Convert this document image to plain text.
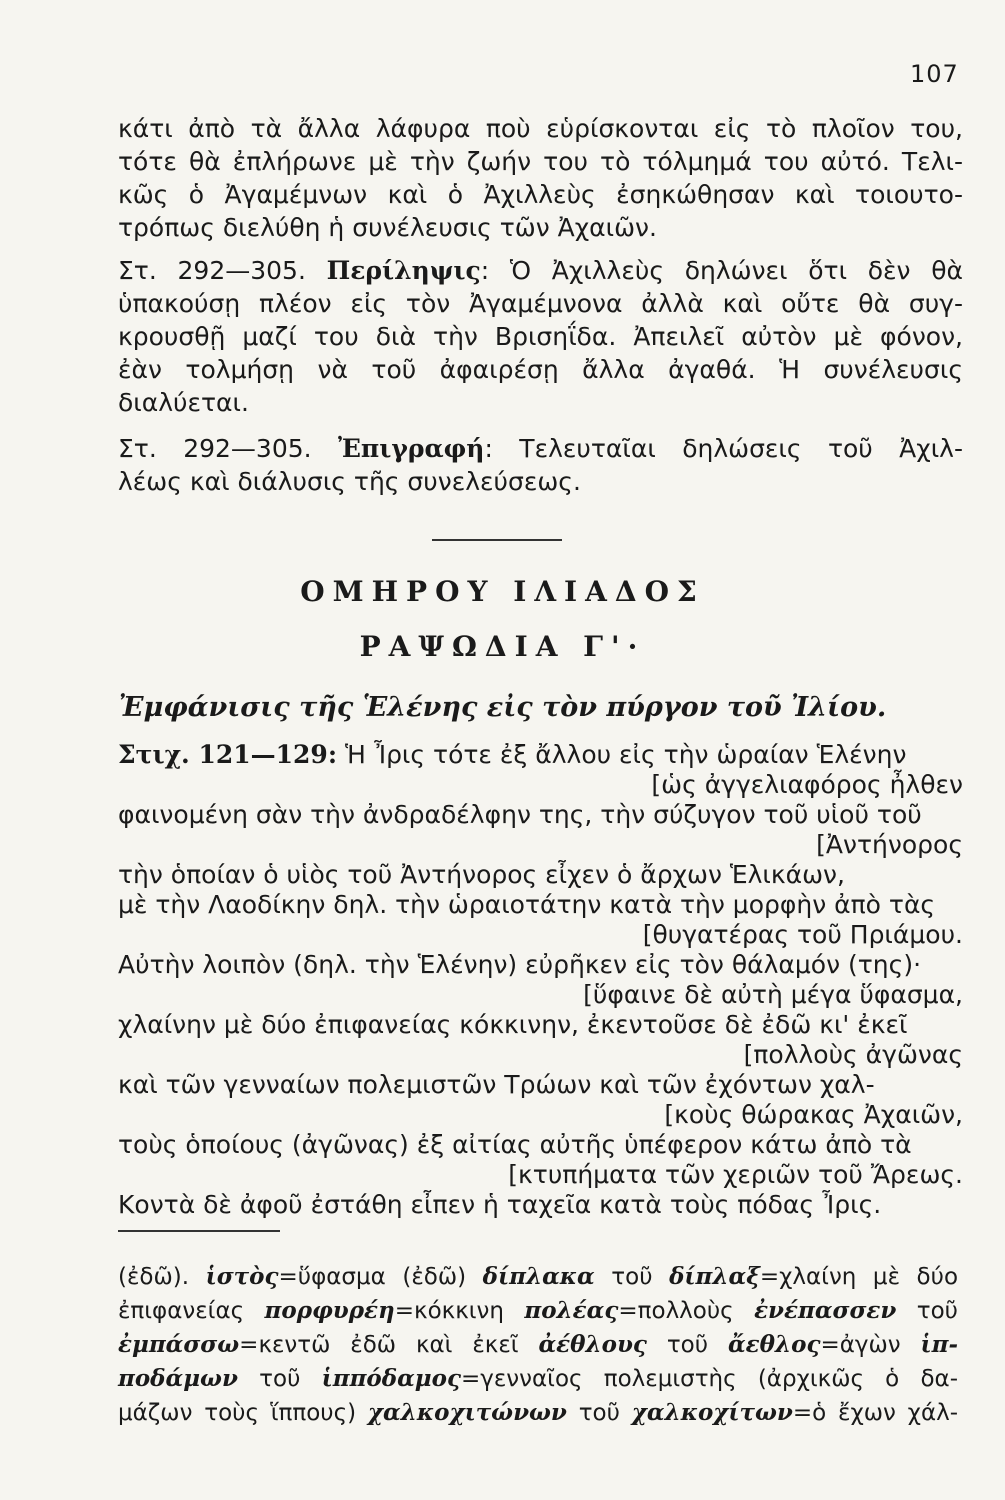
107
κάτι ἀπὸ τὰ ἄλλα λάφυρα ποὺ εὑρίσκονται εἰς τὸ πλοῖον του,
τότε θὰ ἐπλήρωνε μὲ τὴν ζωήν του τὸ τόλμημά του αὐτό. Τελι-
κῶς ὁ Ἀγαμέμνων καὶ ὁ Ἀχιλλεὺς ἐσηκώθησαν καὶ τοιουτο-
τρόπως διελύθη ἡ συνέλευσις τῶν Ἀχαιῶν.
Στ. 292—305. Περίληψις: Ὁ Ἀχιλλεὺς δηλώνει ὅτι δὲν θὰ
ὑπακούσῃ πλέον εἰς τὸν Ἀγαμέμνονα ἀλλὰ καὶ οὔτε θὰ συγ-
κρουσθῇ μαζί του διὰ τὴν Βρισηΐδα. Ἀπειλεῖ αὐτὸν μὲ φόνον,
ἐὰν τολμήσῃ νὰ τοῦ ἀφαιρέσῃ ἄλλα ἀγαθά. Ἡ συνέλευσις
διαλύεται.
Στ. 292—305. Ἐπιγραφή: Τελευταῖαι δηλώσεις τοῦ Ἀχιλ-
λέως καὶ διάλυσις τῆς συνελεύσεως.
ΟΜΗΡΟΥ ΙΛΙΑΔΟΣ
ΡΑΨΩΔΙΑ Γ'·
Ἐμφάνισις τῆς Ἑλένης εἰς τὸν πύργον τοῦ Ἰλίου.
Στιχ. 121—129: Ἡ Ἶρις τότε ἐξ ἄλλου εἰς τὴν ὡραίαν Ἑλένην
[ὡς ἀγγελιαφόρος ἦλθεν
φαινομένη σὰν τὴν ἀνδραδέλφην της, τὴν σύζυγον τοῦ υἱοῦ τοῦ
[Ἀντήνορος
τὴν ὁποίαν ὁ υἱὸς τοῦ Ἀντήνορος εἶχεν ὁ ἄρχων Ἑλικάων,
μὲ τὴν Λαοδίκην δηλ. τὴν ὡραιοτάτην κατὰ τὴν μορφὴν ἀπὸ τὰς
[θυγατέρας τοῦ Πριάμου.
Αὐτὴν λοιπὸν (δηλ. τὴν Ἑλένην) εὐρῆκεν εἰς τὸν θάλαμόν (της)·
[ὕφαινε δὲ αὐτὴ μέγα ὕφασμα,
χλαίνην μὲ δύο ἐπιφανείας κόκκινην, ἐκεντοῦσε δὲ ἐδῶ κι' ἐκεῖ
[πολλοὺς ἀγῶνας
καὶ τῶν γενναίων πολεμιστῶν Τρώων καὶ τῶν ἐχόντων χαλ-
[κοὺς θώρακας Ἀχαιῶν,
τοὺς ὁποίους (ἀγῶνας) ἐξ αἰτίας αὐτῆς ὑπέφερον κάτω ἀπὸ τὰ
[κτυπήματα τῶν χεριῶν τοῦ Ἄρεως.
Κοντὰ δὲ ἀφοῦ ἐστάθη εἶπεν ἡ ταχεῖα κατὰ τοὺς πόδας Ἶρις.
(ἐδῶ). ἱστὸς=ὕφασμα (ἐδῶ) δίπλακα τοῦ δίπλαξ=χλαίνη μὲ δύο
ἐπιφανείας πορφυρέη=κόκκινη πολέας=πολλοὺς ἐνέπασσεν τοῦ
ἐμπάσσω=κεντῶ ἐδῶ καὶ ἐκεῖ ἀέθλους τοῦ ἄεθλος=ἀγὼν ἱπ-
ποδάμων τοῦ ἱππόδαμος=γενναῖος πολεμιστὴς (ἀρχικῶς ὁ δα-
μάζων τοὺς ἵππους) χαλκοχιτώνων τοῦ χαλκοχίτων=ὁ ἔχων χάλ-
